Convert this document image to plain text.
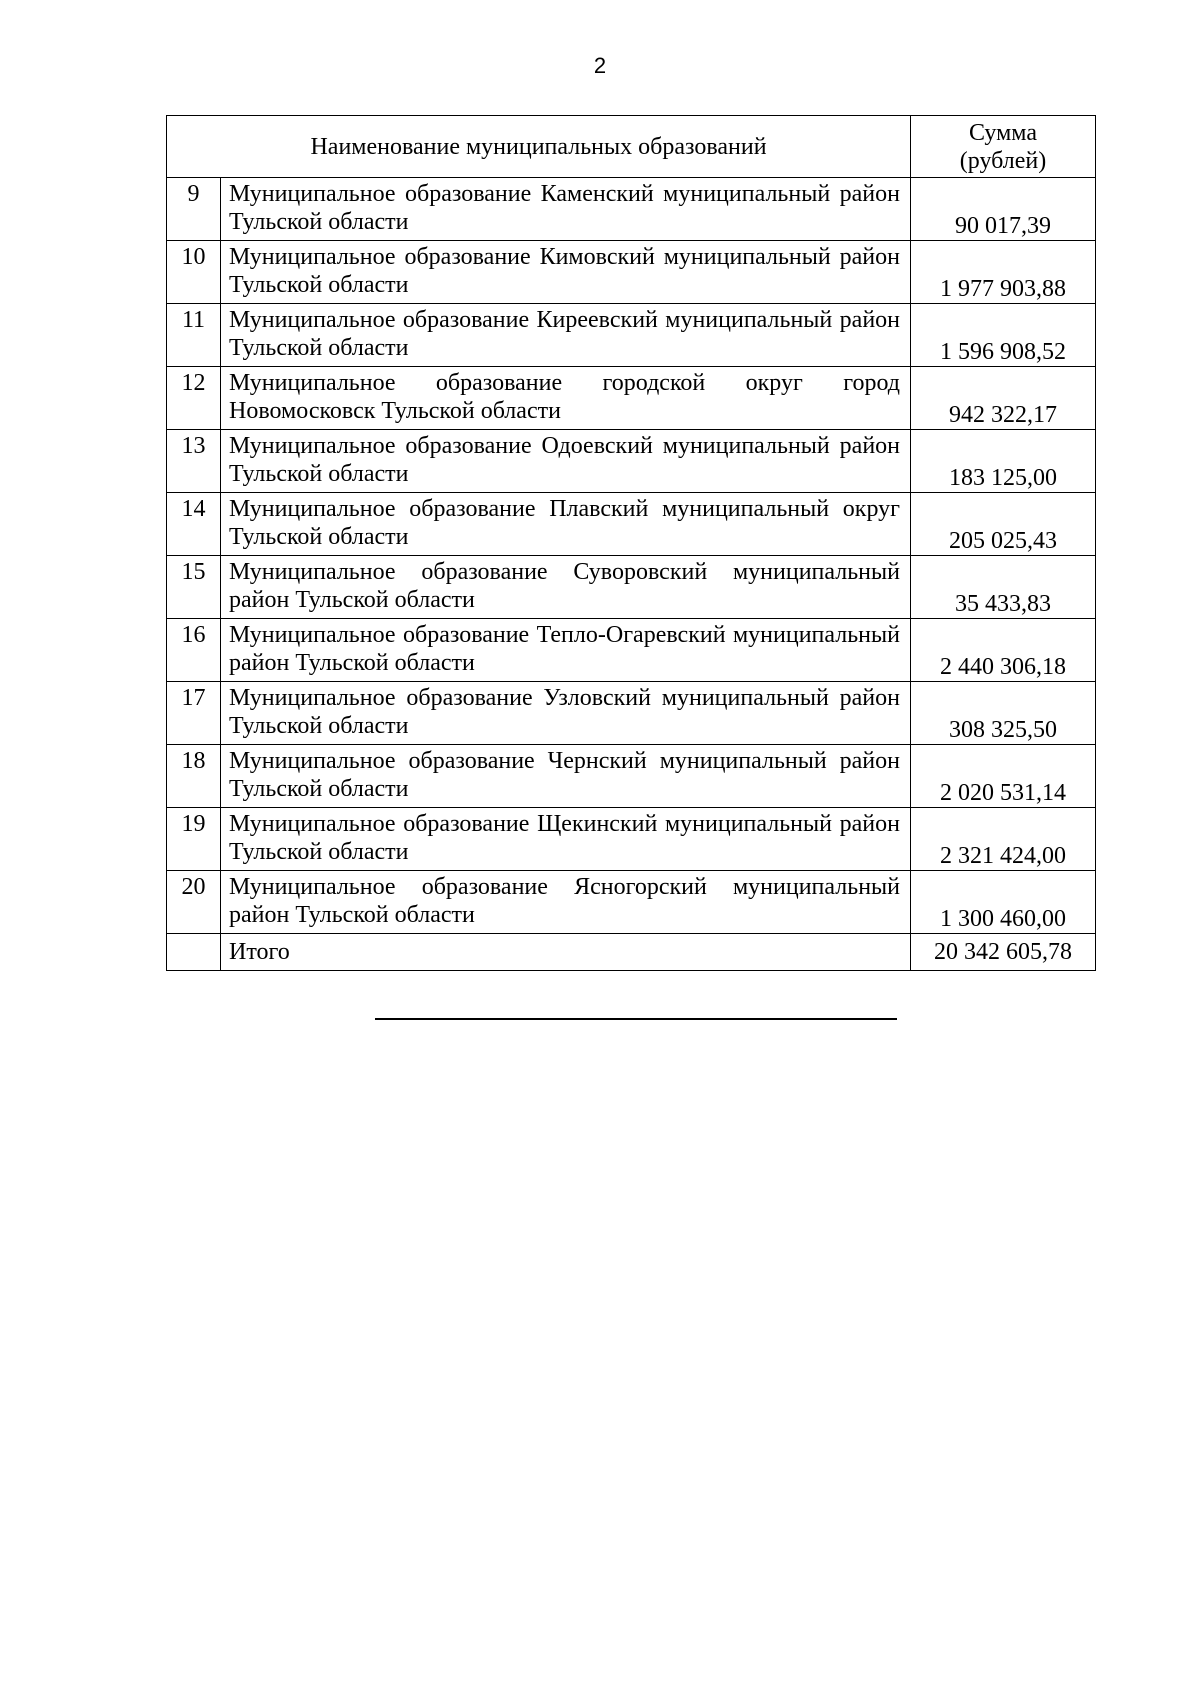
2
Наименование муниципальных образований		Сумма
(рублей)
9	Муниципальное образование Каменский муниципальный район Тульской области	90 017,39
10	Муниципальное образование Кимовский муниципальный район Тульской области	1 977 903,88
11	Муниципальное образование Киреевский муниципальный район Тульской области	1 596 908,52
12	Муниципальное образование городской округ город Новомосковск Тульской области	942 322,17
13	Муниципальное образование Одоевский муниципальный район Тульской области	183 125,00
14	Муниципальное образование Плавский муниципальный округ Тульской области	205 025,43
15	Муниципальное образование Суворовский муниципальный район Тульской области	35 433,83
16	Муниципальное образование Тепло-Огаревский муниципальный район Тульской области	2 440 306,18
17	Муниципальное образование Узловский муниципальный район Тульской области	308 325,50
18	Муниципальное образование Чернский муниципальный район Тульской области	2 020 531,14
19	Муниципальное образование Щекинский муниципальный район Тульской области	2 321 424,00
20	Муниципальное образование Ясногорский муниципальный район Тульской области	1 300 460,00
	Итого	20 342 605,78
